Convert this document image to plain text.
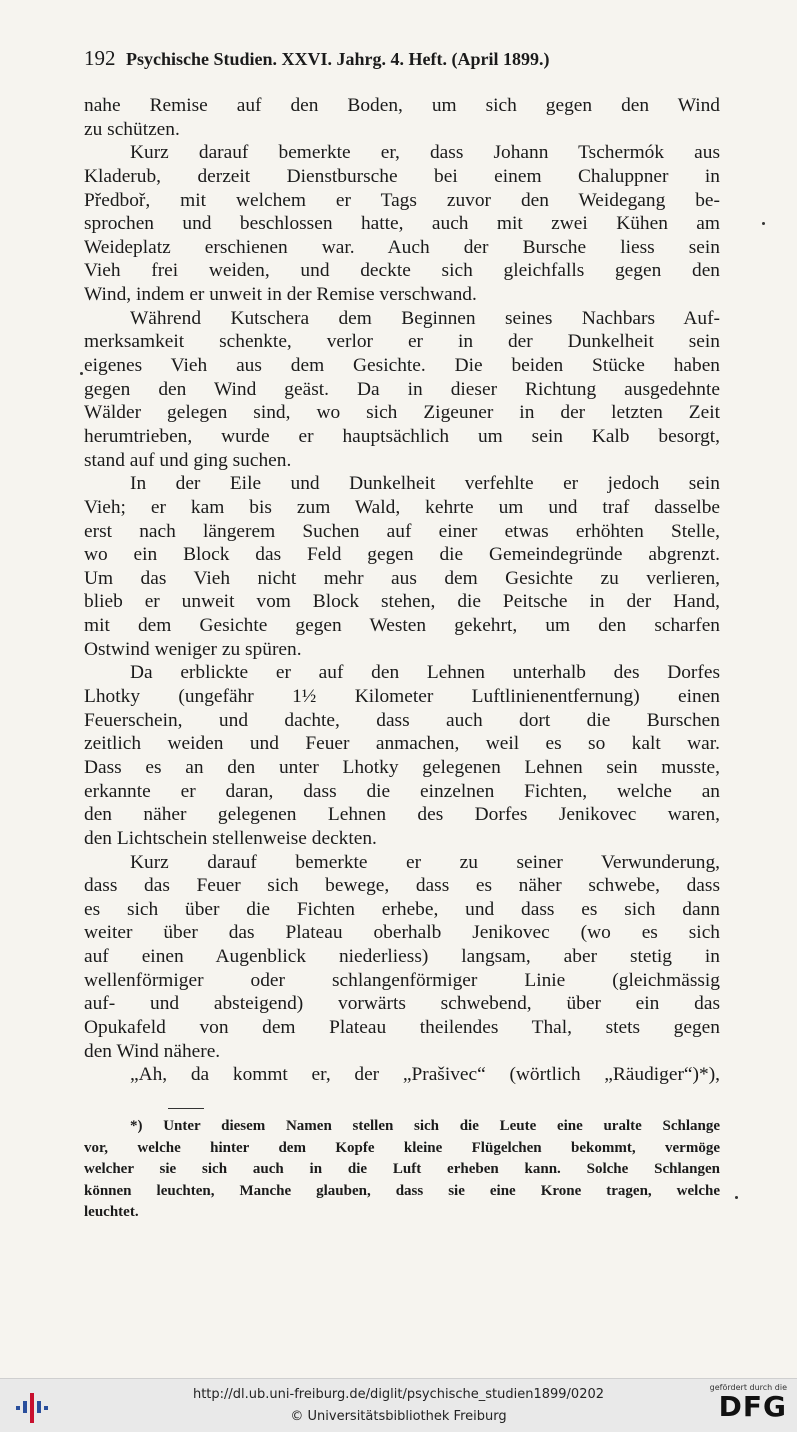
192 Psychische Studien. XXVI. Jahrg. 4. Heft. (April 1899.)
nahe Remise auf den Boden, um sich gegen den Wind
zu schützen.
Kurz darauf bemerkte er, dass Johann Tschermók aus
Kladerub, derzeit Dienstbursche bei einem Chaluppner in
Předboř, mit welchem er Tags zuvor den Weidegang be-
sprochen und beschlossen hatte, auch mit zwei Kühen am
Weideplatz erschienen war. Auch der Bursche liess sein
Vieh frei weiden, und deckte sich gleichfalls gegen den
Wind, indem er unweit in der Remise verschwand.
Während Kutschera dem Beginnen seines Nachbars Auf-
merksamkeit schenkte, verlor er in der Dunkelheit sein
eigenes Vieh aus dem Gesichte. Die beiden Stücke haben
gegen den Wind geäst. Da in dieser Richtung ausgedehnte
Wälder gelegen sind, wo sich Zigeuner in der letzten Zeit
herumtrieben, wurde er hauptsächlich um sein Kalb besorgt,
stand auf und ging suchen.
In der Eile und Dunkelheit verfehlte er jedoch sein
Vieh; er kam bis zum Wald, kehrte um und traf dasselbe
erst nach längerem Suchen auf einer etwas erhöhten Stelle,
wo ein Block das Feld gegen die Gemeindegründe abgrenzt.
Um das Vieh nicht mehr aus dem Gesichte zu verlieren,
blieb er unweit vom Block stehen, die Peitsche in der Hand,
mit dem Gesichte gegen Westen gekehrt, um den scharfen
Ostwind weniger zu spüren.
Da erblickte er auf den Lehnen unterhalb des Dorfes
Lhotky (ungefähr 1½ Kilometer Luftlinienentfernung) einen
Feuerschein, und dachte, dass auch dort die Burschen
zeitlich weiden und Feuer anmachen, weil es so kalt war.
Dass es an den unter Lhotky gelegenen Lehnen sein musste,
erkannte er daran, dass die einzelnen Fichten, welche an
den näher gelegenen Lehnen des Dorfes Jenikovec waren,
den Lichtschein stellenweise deckten.
Kurz darauf bemerkte er zu seiner Verwunderung,
dass das Feuer sich bewege, dass es näher schwebe, dass
es sich über die Fichten erhebe, und dass es sich dann
weiter über das Plateau oberhalb Jenikovec (wo es sich
auf einen Augenblick niederliess) langsam, aber stetig in
wellenförmiger oder schlangenförmiger Linie (gleichmässig
auf- und absteigend) vorwärts schwebend, über ein das
Opukafeld von dem Plateau theilendes Thal, stets gegen
den Wind nähere.
„Ah, da kommt er, der „Prašivec“ (wörtlich „Räudiger“)*),
*) Unter diesem Namen stellen sich die Leute eine uralte Schlange
vor, welche hinter dem Kopfe kleine Flügelchen bekommt, vermöge
welcher sie sich auch in die Luft erheben kann. Solche Schlangen
können leuchten, Manche glauben, dass sie eine Krone tragen, welche
leuchtet.
http://dl.ub.uni-freiburg.de/diglit/psychische_studien1899/0202
© Universitätsbibliothek Freiburg
gefördert durch die
DFG
